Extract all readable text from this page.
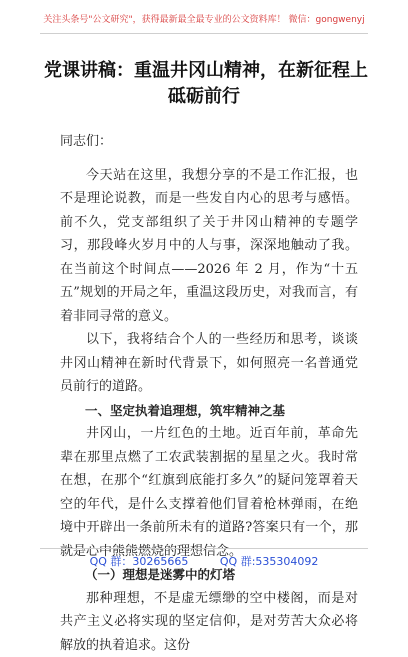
关注头条号"公文研究"，获得最新最全最专业的公文资料库！ 微信：gongwenyj
党课讲稿：重温井冈山精神，在新征程上
砥砺前行

同志们：

今天站在这里，我想分享的不是工作汇报，也不是理论说教，而是一些发自内心的思考与感悟。前不久，党支部组织了关于井冈山精神的专题学习，那段峰火岁月中的人与事，深深地触动了我。在当前这个时间点——2026 年 2 月，作为“十五五”规划的开局之年，重温这段历史，对我而言，有着非同寻常的意义。

以下，我将结合个人的一些经历和思考，谈谈井冈山精神在新时代背景下，如何照亮一名普通党员前行的道路。

一、坚定执着追理想，筑牢精神之基

井冈山，一片红色的土地。近百年前，革命先辈在那里点燃了工农武装割据的星星之火。我时常在想，在那个“红旗到底能打多久”的疑问笼罩着天空的年代，是什么支撑着他们冒着枪林弹雨，在绝境中开辟出一条前所未有的道路?答案只有一个，那就是心中熊熊燃烧的理想信念。

（一）理想是迷雾中的灯塔

那种理想，不是虚无缥缈的空中楼阁，而是对共产主义必将实现的坚定信仰，是对劳苦大众必将解放的执着追求。这份

QQ 群：30265665	QQ 群:535304092
